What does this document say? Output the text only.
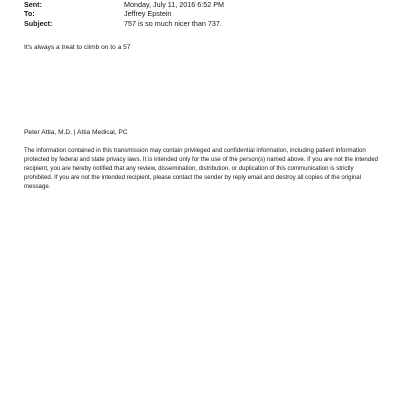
Sent:	Monday, July 11, 2016 6:52 PM
To:	Jeffrey Epstein
Subject:	757 is so much nicer than 737.
It's always a treat to climb on to a 57
Peter Attia, M.D. | Attia Medical, PC
The information contained in this transmission may contain privileged and confidential information, including patient information protected by federal and state privacy laws. It is intended only for the use of the person(s) named above. If you are not the intended recipient, you are hereby notified that any review, dissemination, distribution, or duplication of this communication is strictly prohibited. If you are not the intended recipient, please contact the sender by reply email and destroy all copies of the original message.
